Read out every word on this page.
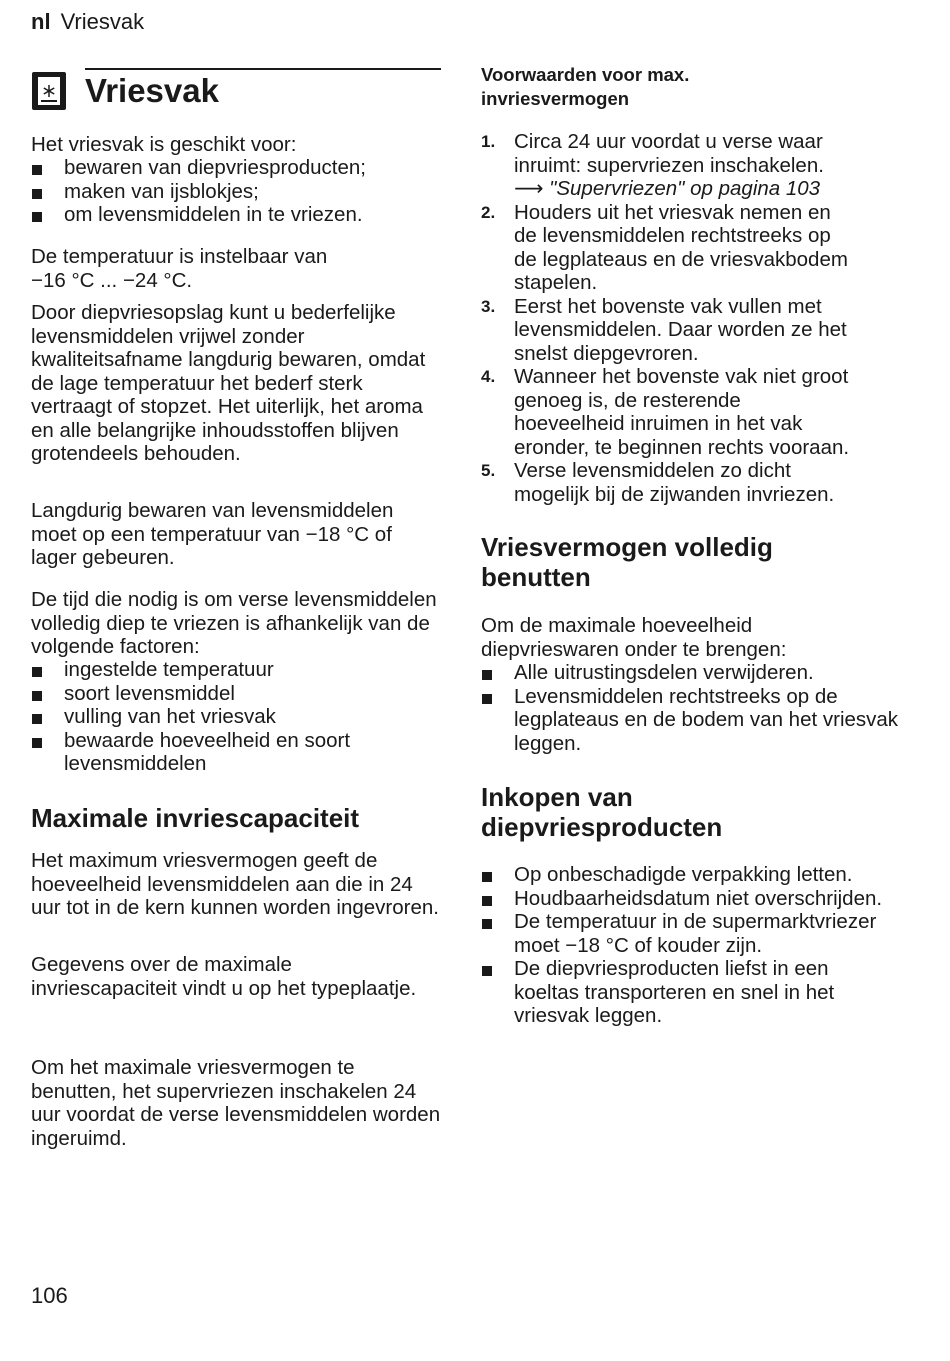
nl Vriesvak
Vriesvak

Het vriesvak is geschikt voor:

bewaren van diepvriesproducten;
maken van ijsblokjes;
om levensmiddelen in te vriezen.

De temperatuur is instelbaar van
−16 °C ... −24 °C.

Door diepvriesopslag kunt u bederfelijke levensmiddelen vrijwel zonder kwaliteitsafname langdurig bewaren, omdat de lage temperatuur het bederf sterk vertraagt of stopzet. Het uiterlijk, het aroma en alle belangrijke inhoudsstoffen blijven grotendeels behouden.

Langdurig bewaren van levensmiddelen moet op een temperatuur van −18 °C of lager gebeuren.

De tijd die nodig is om verse levensmiddelen volledig diep te vriezen is afhankelijk van de volgende factoren:

ingestelde temperatuur
soort levensmiddel
vulling van het vriesvak
bewaarde hoeveelheid en soort levensmiddelen
Maximale invriescapaciteit

Het maximum vriesvermogen geeft de hoeveelheid levensmiddelen aan die in 24 uur tot in de kern kunnen worden ingevroren.

Gegevens over de maximale invriescapaciteit vindt u op het typeplaatje.

Om het maximale vriesvermogen te benutten, het supervriezen inschakelen 24 uur voordat de verse levensmiddelen worden ingeruimd.

Voorwaarden voor max.
invriesvermogen
1. Circa 24 uur voordat u verse waar
inruimt: supervriezen inschakelen.
⟶ "Supervriezen" op pagina 103
2. Houders uit het vriesvak nemen en
de levensmiddelen rechtstreeks op
de legplateaus en de vriesvakbodem
stapelen.
3. Eerst het bovenste vak vullen met
levensmiddelen. Daar worden ze het
snelst diepgevroren.
4. Wanneer het bovenste vak niet groot
genoeg is, de resterende
hoeveelheid inruimen in het vak
eronder, te beginnen rechts vooraan.
5. Verse levensmiddelen zo dicht
mogelijk bij de zijwanden invriezen.
Vriesvermogen volledig
benutten

Om de maximale hoeveelheid
diepvrieswaren onder te brengen:

Alle uitrustingsdelen verwijderen.
Levensmiddelen rechtstreeks op de legplateaus en de bodem van het vriesvak leggen.
Inkopen van
diepvriesproducten
Op onbeschadigde verpakking letten.
Houdbaarheidsdatum niet overschrijden.
De temperatuur in de supermarktvriezer moet −18 °C of kouder zijn.
De diepvriesproducten liefst in een koeltas transporteren en snel in het vriesvak leggen.
106
